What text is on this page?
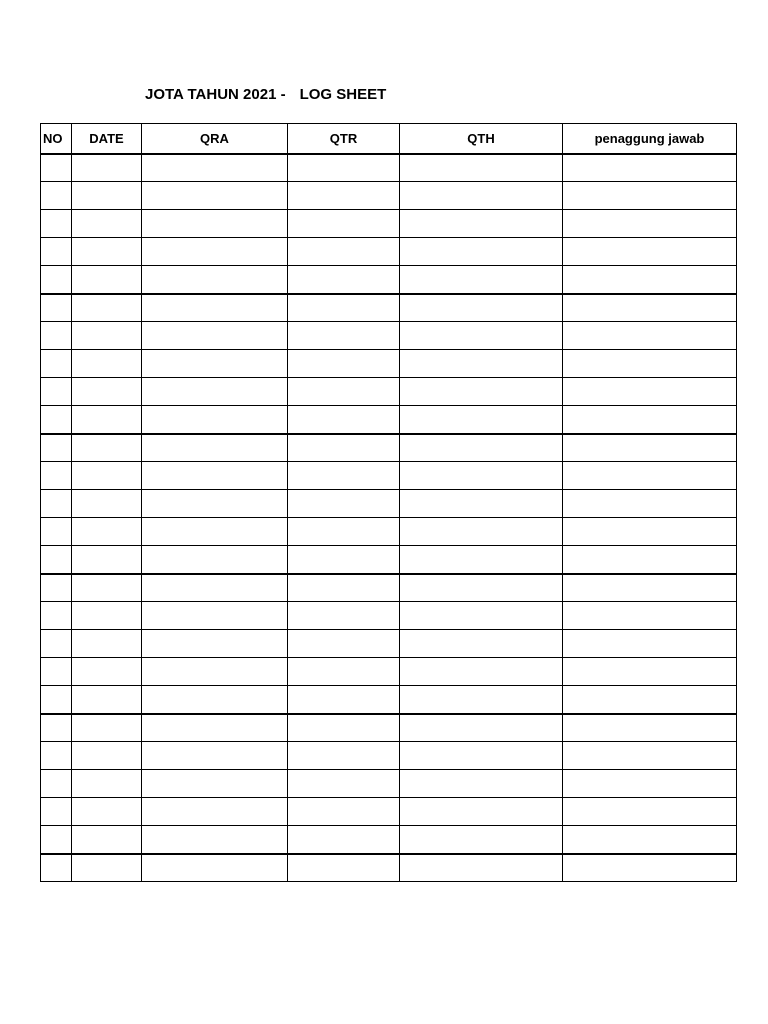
JOTA TAHUN 2021 - LOG SHEET
NO	DATE	QRA	QTR	QTH	penaggung jawab
